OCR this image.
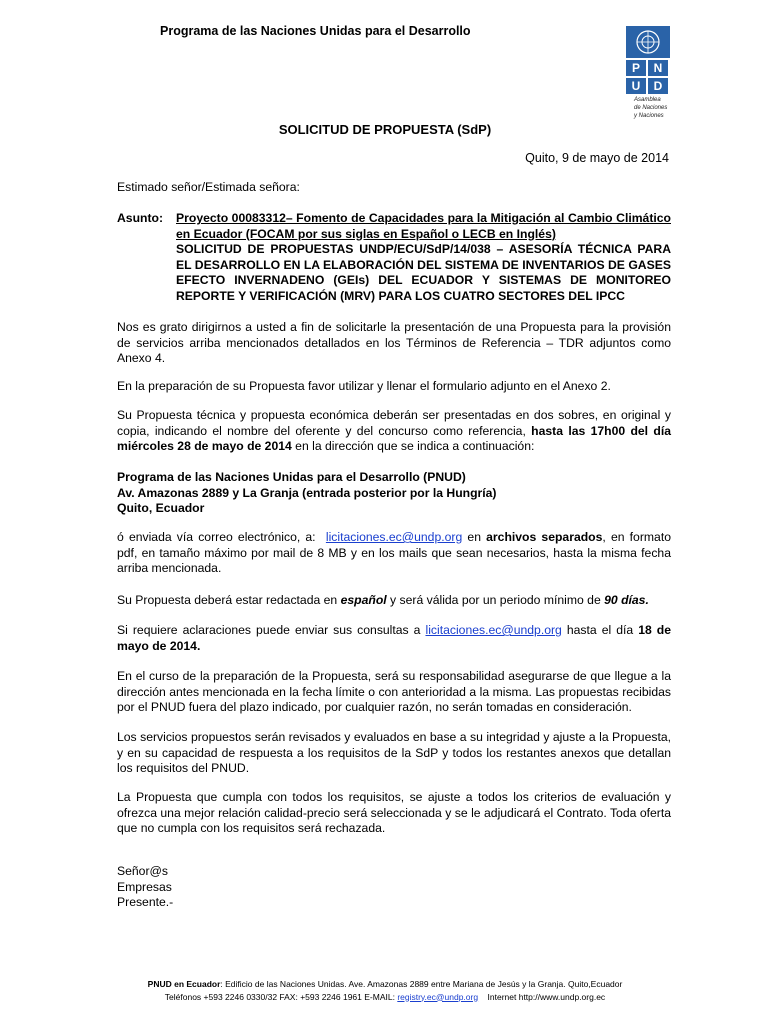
Programa de las Naciones Unidas para el Desarrollo
P	N
U	D
Asamblea
de Naciones
y Naciones
SOLICITUD DE PROPUESTA (SdP)
Quito, 9 de mayo de 2014
Estimado señor/Estimada señora:
Asunto: Proyecto 00083312– Fomento de Capacidades para la Mitigación al Cambio Climático en Ecuador (FOCAM por sus siglas en Español o LECB en Inglés)
SOLICITUD DE PROPUESTAS UNDP/ECU/SdP/14/038 – ASESORÍA TÉCNICA PARA EL DESARROLLO EN LA ELABORACIÓN DEL SISTEMA DE INVENTARIOS DE GASES EFECTO INVERNADENO (GEIs) DEL ECUADOR Y SISTEMAS DE MONITOREO REPORTE Y VERIFICACIÓN (MRV) PARA LOS CUATRO SECTORES DEL IPCC
Nos es grato dirigirnos a usted a fin de solicitarle la presentación de una Propuesta para la provisión de servicios arriba mencionados detallados en los Términos de Referencia – TDR adjuntos como Anexo 4.
En la preparación de su Propuesta favor utilizar y llenar el formulario adjunto en el Anexo 2.
Su Propuesta técnica y propuesta económica deberán ser presentadas en dos sobres, en original y copia, indicando el nombre del oferente y del concurso como referencia, hasta las 17h00 del día miércoles 28 de mayo de 2014 en la dirección que se indica a continuación:
Programa de las Naciones Unidas para el Desarrollo (PNUD)
Av. Amazonas 2889 y La Granja (entrada posterior por la Hungría)
Quito, Ecuador
ó enviada vía correo electrónico, a: licitaciones.ec@undp.org en archivos separados, en formato pdf, en tamaño máximo por mail de 8 MB y en los mails que sean necesarios, hasta la misma fecha arriba mencionada.
Su Propuesta deberá estar redactada en español y será válida por un periodo mínimo de 90 días.
Si requiere aclaraciones puede enviar sus consultas a licitaciones.ec@undp.org hasta el día 18 de mayo de 2014.
En el curso de la preparación de la Propuesta, será su responsabilidad asegurarse de que llegue a la dirección antes mencionada en la fecha límite o con anterioridad a la misma. Las propuestas recibidas por el PNUD fuera del plazo indicado, por cualquier razón, no serán tomadas en consideración.
Los servicios propuestos serán revisados y evaluados en base a su integridad y ajuste a la Propuesta, y en su capacidad de respuesta a los requisitos de la SdP y todos los restantes anexos que detallan los requisitos del PNUD.
La Propuesta que cumpla con todos los requisitos, se ajuste a todos los criterios de evaluación y ofrezca una mejor relación calidad-precio será seleccionada y se le adjudicará el Contrato. Toda oferta que no cumpla con los requisitos será rechazada.
Señor@s
Empresas
Presente.-
PNUD en Ecuador: Edificio de las Naciones Unidas. Ave. Amazonas 2889 entre Mariana de Jesús y la Granja. Quito,Ecuador
Teléfonos +593 2246 0330/32 FAX: +593 2246 1961 E-MAIL: registry.ec@undp.org    Internet http://www.undp.org.ec
